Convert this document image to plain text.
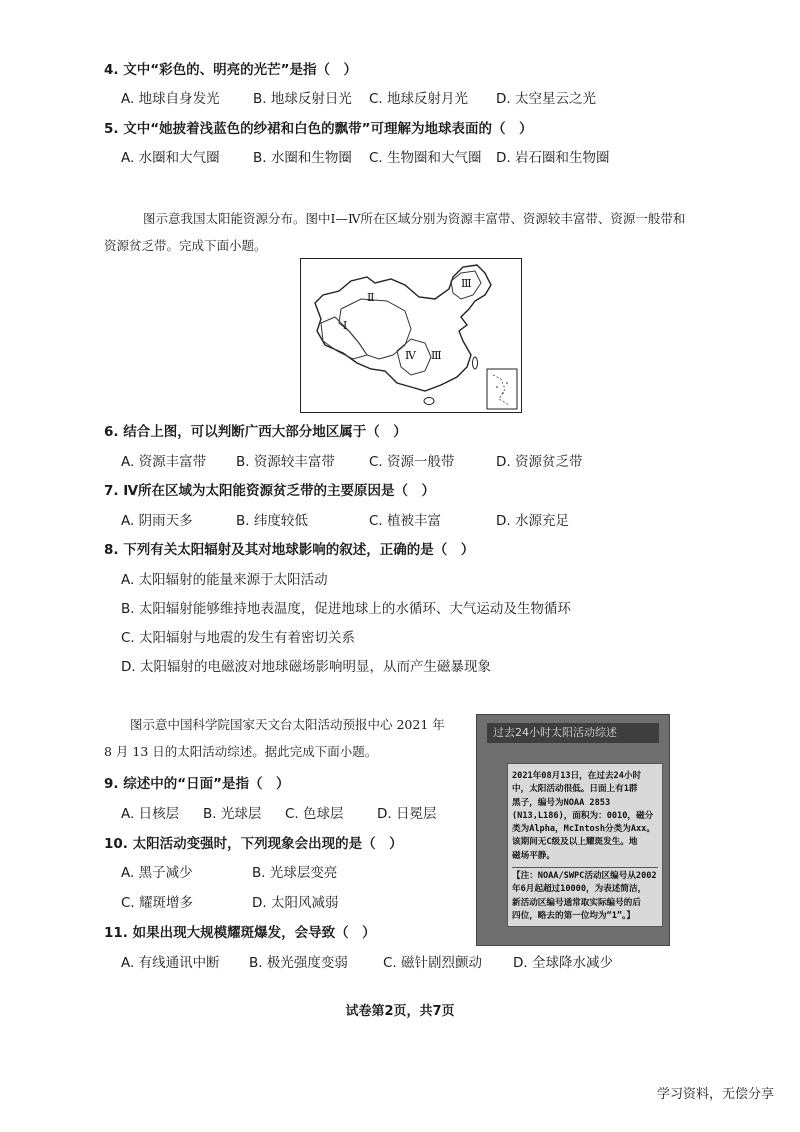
4. 文中“彩色的、明亮的光芒”是指（　）
A. 地球自身发光 B. 地球反射日光 C. 地球反射月光 D. 太空星云之光
5. 文中“她披着浅蓝色的纱裙和白色的飘带”可理解为地球表面的（　）
A. 水圈和大气圈 B. 水圈和生物圈 C. 生物圈和大气圈 D. 岩石圈和生物圈
图示意我国太阳能资源分布。图中Ⅰ—Ⅳ所在区域分别为资源丰富带、资源较丰富带、资源一般带和
资源贫乏带。完成下面小题。
Ⅰ
Ⅱ
Ⅲ
Ⅳ Ⅲ
6. 结合上图，可以判断广西大部分地区属于（　）
A. 资源丰富带 B. 资源较丰富带	C. 资源一般带	D. 资源贫乏带
7. Ⅳ所在区域为太阳能资源贫乏带的主要原因是（　）
A. 阴雨天多	B. 纬度较低	C. 植被丰富	D. 水源充足
8. 下列有关太阳辐射及其对地球影响的叙述，正确的是（　）
A. 太阳辐射的能量来源于太阳活动
B. 太阳辐射能够维持地表温度，促进地球上的水循环、大气运动及生物循环
C. 太阳辐射与地震的发生有着密切关系
D. 太阳辐射的电磁波对地球磁场影响明显，从而产生磁暴现象
图示意中国科学院国家天文台太阳活动预报中心 2021 年
8 月 13 日的太阳活动综述。据此完成下面小题。
9. 综述中的“日面”是指（　）
A. 日核层 B. 光球层 C. 色球层 D. 日冕层
10. 太阳活动变强时，下列现象会出现的是（　）
A. 黑子减少	B. 光球层变亮
C. 耀斑增多	D. 太阳风减弱
11. 如果出现大规模耀斑爆发，会导致（　）
A. 有线通讯中断 B. 极光强度变弱	C. 磁针剧烈颤动 D. 全球降水减少
过去24小时太阳活动综述
2021年08月13日，在过去24小时
中，太阳活动很低。日面上有1群
黑子，编号为NOAA 2853
(N13,L186)，面积为：0010，磁分
类为Alpha，McIntosh分类为Axx。
该期间无C级及以上耀斑发生。地
磁场平静。
【注：NOAA/SWPC活动区编号从2002
年6月起超过10000，为表述简洁，
新活动区编号通常取实际编号的后
四位，略去的第一位均为“1”。】
试卷第2页，共7页
学习资料，无偿分享
